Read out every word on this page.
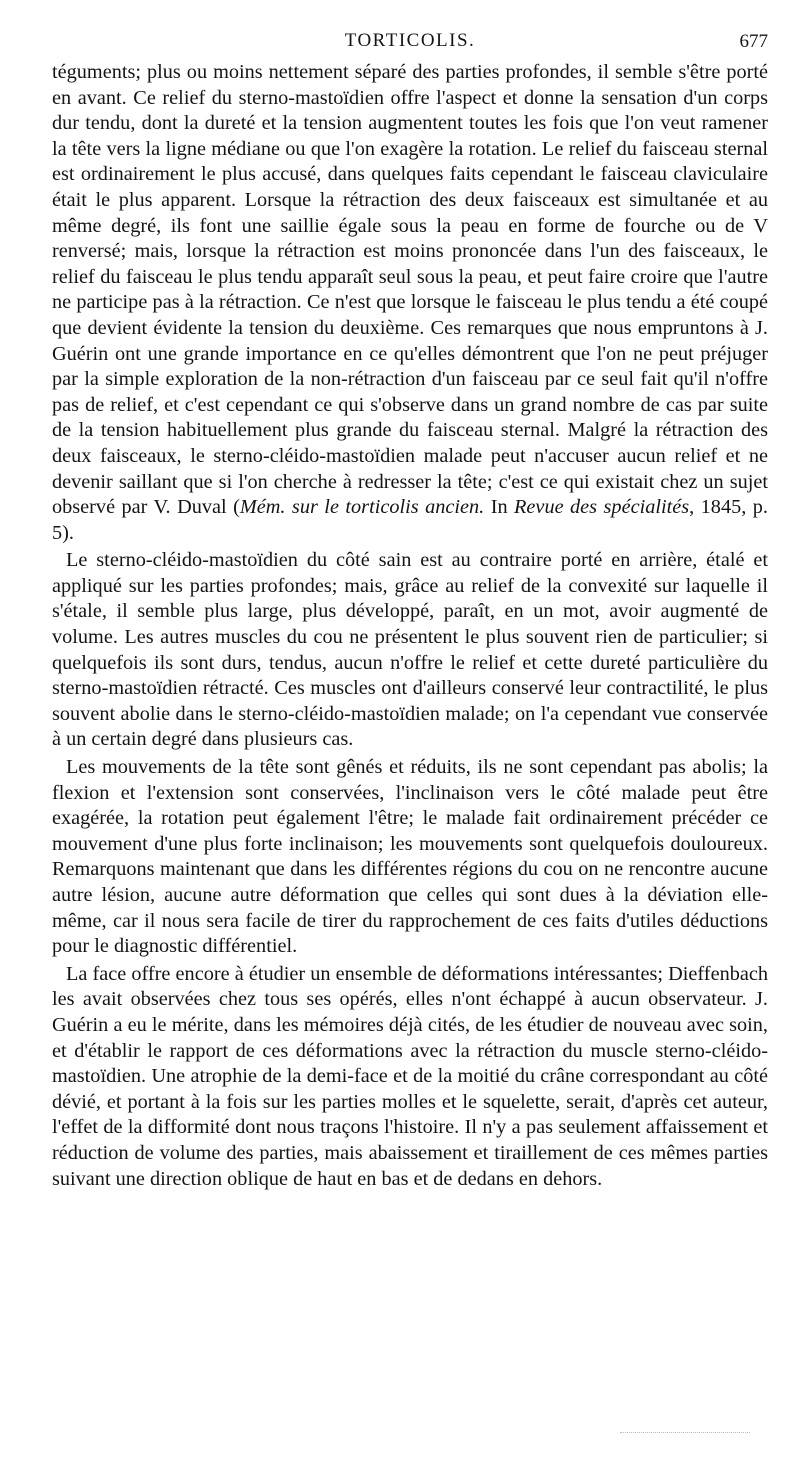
TORTICOLIS.	677

téguments; plus ou moins nettement séparé des parties profondes, il semble s'être porté en avant. Ce relief du sterno-mastoïdien offre l'aspect et donne la sensation d'un corps dur tendu, dont la dureté et la tension augmentent toutes les fois que l'on veut ramener la tête vers la ligne médiane ou que l'on exagère la rotation. Le relief du faisceau sternal est ordinairement le plus accusé, dans quelques faits cependant le faisceau claviculaire était le plus apparent. Lorsque la rétraction des deux faisceaux est simultanée et au même degré, ils font une saillie égale sous la peau en forme de fourche ou de V renversé; mais, lorsque la rétraction est moins prononcée dans l'un des faisceaux, le relief du faisceau le plus tendu apparaît seul sous la peau, et peut faire croire que l'autre ne participe pas à la rétraction. Ce n'est que lorsque le faisceau le plus tendu a été coupé que devient évidente la tension du deuxième. Ces remarques que nous empruntons à J. Guérin ont une grande importance en ce qu'elles démontrent que l'on ne peut préjuger par la simple exploration de la non-rétraction d'un faisceau par ce seul fait qu'il n'offre pas de relief, et c'est cependant ce qui s'observe dans un grand nombre de cas par suite de la tension habituellement plus grande du faisceau sternal. Malgré la rétraction des deux faisceaux, le sterno-cléido-mastoïdien malade peut n'accuser aucun relief et ne devenir saillant que si l'on cherche à redresser la tête; c'est ce qui existait chez un sujet observé par V. Duval (Mém. sur le torticolis ancien. In Revue des spécialités, 1845, p. 5).

Le sterno-cléido-mastoïdien du côté sain est au contraire porté en arrière, étalé et appliqué sur les parties profondes; mais, grâce au relief de la convexité sur laquelle il s'étale, il semble plus large, plus développé, paraît, en un mot, avoir augmenté de volume. Les autres muscles du cou ne présentent le plus souvent rien de particulier; si quelquefois ils sont durs, tendus, aucun n'offre le relief et cette dureté particulière du sterno-mastoïdien rétracté. Ces muscles ont d'ailleurs conservé leur contractilité, le plus souvent abolie dans le sterno-cléido-mastoïdien malade; on l'a cependant vue conservée à un certain degré dans plusieurs cas.

Les mouvements de la tête sont gênés et réduits, ils ne sont cependant pas abolis; la flexion et l'extension sont conservées, l'inclinaison vers le côté malade peut être exagérée, la rotation peut également l'être; le malade fait ordinairement précéder ce mouvement d'une plus forte inclinaison; les mouvements sont quelquefois douloureux. Remarquons maintenant que dans les différentes régions du cou on ne rencontre aucune autre lésion, aucune autre déformation que celles qui sont dues à la déviation elle-même, car il nous sera facile de tirer du rapprochement de ces faits d'utiles déductions pour le diagnostic différentiel.

La face offre encore à étudier un ensemble de déformations intéressantes; Dieffenbach les avait observées chez tous ses opérés, elles n'ont échappé à aucun observateur. J. Guérin a eu le mérite, dans les mémoires déjà cités, de les étudier de nouveau avec soin, et d'établir le rapport de ces déformations avec la rétraction du muscle sterno-cléido-mastoïdien. Une atrophie de la demi-face et de la moitié du crâne correspondant au côté dévié, et portant à la fois sur les parties molles et le squelette, serait, d'après cet auteur, l'effet de la difformité dont nous traçons l'histoire. Il n'y a pas seulement affaissement et réduction de volume des parties, mais abaissement et tiraillement de ces mêmes parties suivant une direction oblique de haut en bas et de dedans en dehors.
